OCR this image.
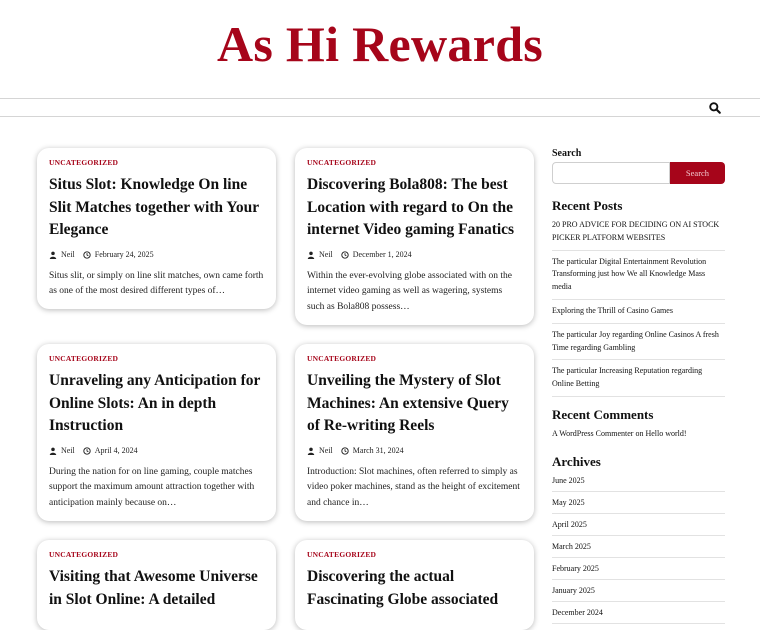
As Hi Rewards
UNCATEGORIZED
Situs Slot: Knowledge On line Slit Matches together with Your Elegance
Neil	February 24, 2025
Situs slit, or simply on line slit matches, own came forth as one of the most desired different types of…
UNCATEGORIZED
Discovering Bola808: The best Location with regard to On the internet Video gaming Fanatics
Neil	December 1, 2024
Within the ever-evolving globe associated with on the internet video gaming as well as wagering, systems such as Bola808 possess…
UNCATEGORIZED
Unraveling any Anticipation for Online Slots: An in depth Instruction
Neil	April 4, 2024
During the nation for on line gaming, couple matches support the maximum amount attraction together with anticipation mainly because on…
UNCATEGORIZED
Unveiling the Mystery of Slot Machines: An extensive Query of Re-writing Reels
Neil	March 31, 2024
Introduction: Slot machines, often referred to simply as video poker machines, stand as the height of excitement and chance in…
UNCATEGORIZED
Visiting that Awesome Universe in Slot Online: A detailed
UNCATEGORIZED
Discovering the actual Fascinating Globe associated
Search
Search
Recent Posts
20 PRO ADVICE FOR DECIDING ON AI STOCK PICKER PLATFORM WEBSITES
The particular Digital Entertainment Revolution Transforming just how We all Knowledge Mass media
Exploring the Thrill of Casino Games
The particular Joy regarding Online Casinos A fresh Time regarding Gambling
The particular Increasing Reputation regarding Online Betting
Recent Comments
A WordPress Commenter on Hello world!
Archives
June 2025
May 2025
April 2025
March 2025
February 2025
January 2025
December 2024
